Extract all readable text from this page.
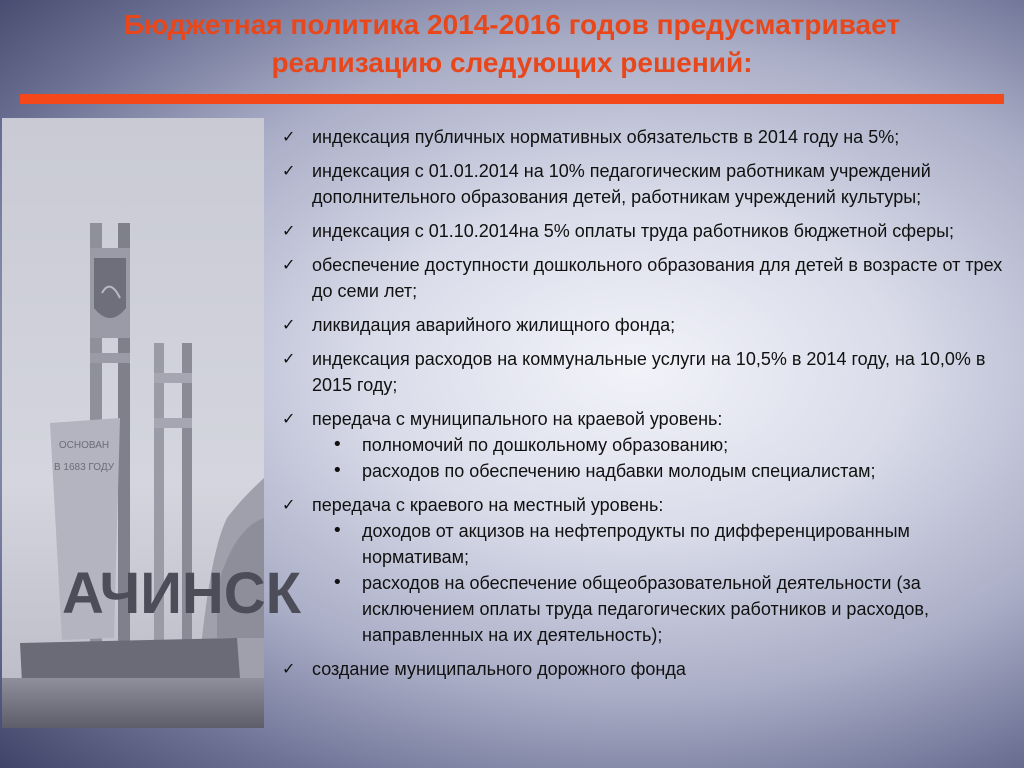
Бюджетная политика 2014-2016 годов предусматривает
реализацию следующих решений:
ОСНОВАН
В 1683 ГОДУ
АЧИНСК
✓ индексация публичных нормативных обязательств в 2014 году на 5%;
✓ индексация с 01.01.2014 на 10% педагогическим работникам учреждений дополнительного образования детей, работникам учреждений культуры;
✓ индексация с 01.10.2014на 5% оплаты труда работников бюджетной сферы;
✓ обеспечение доступности дошкольного образования для детей в возрасте от трех до семи лет;
✓ ликвидация аварийного жилищного фонда;
✓ индексация расходов на коммунальные услуги на 10,5% в 2014 году, на 10,0% в 2015 году;
✓ передача с муниципального на краевой уровень:
• полномочий по дошкольному образованию;
• расходов по обеспечению надбавки молодым специалистам;
✓ передача с краевого на местный уровень:
• доходов от акцизов на нефтепродукты по дифференцированным нормативам;
• расходов на обеспечение общеобразовательной деятельности (за исключением оплаты труда педагогических работников и расходов, направленных на их деятельность);
✓ создание муниципального дорожного фонда
